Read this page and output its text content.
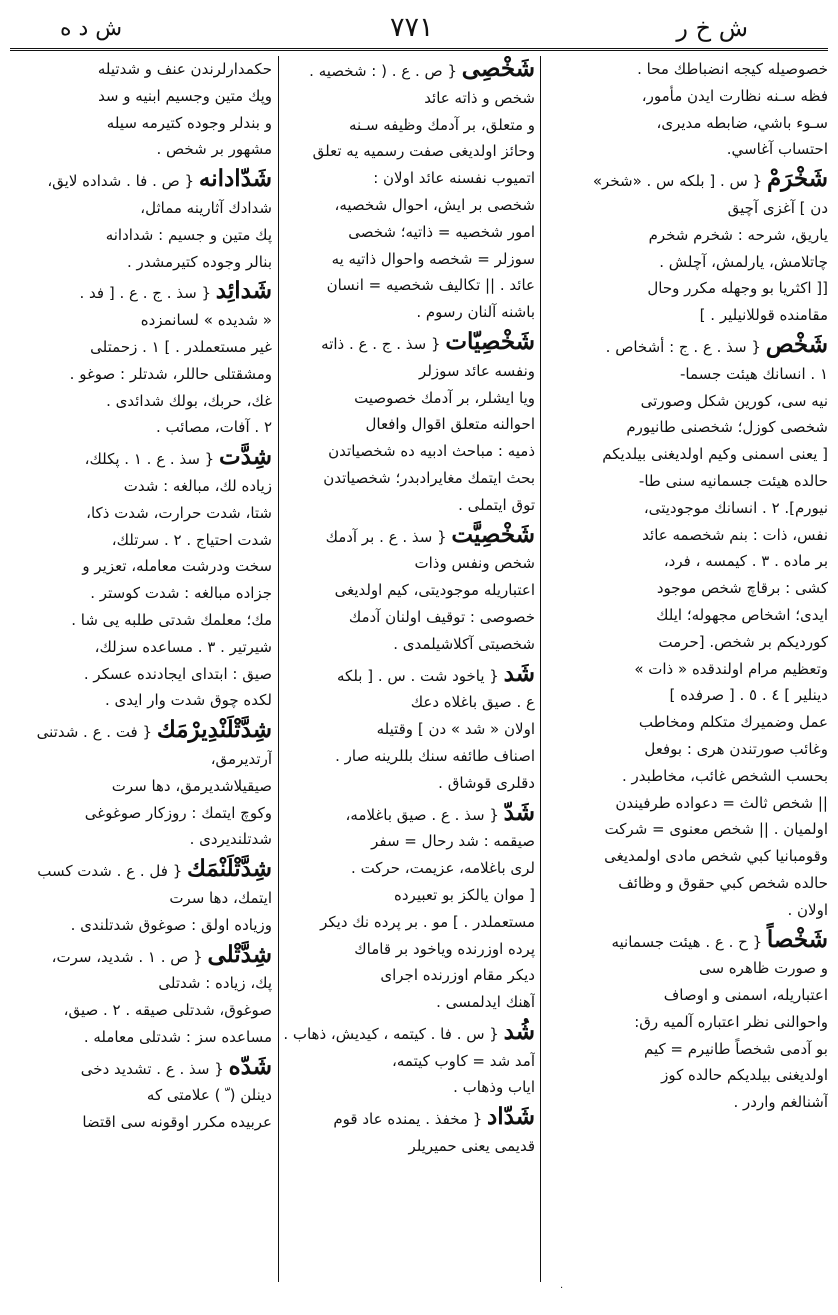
ش د ه	٧٧١	ش خ ر
خصوصيله كيجه انضباطك محا .
فظه سـنه نظارت ايدن مأمور،
سـوء باشي، ضابطه مديرى،
احتساب آغاسي.
شَخْرَمْ { س . [ بلكه س . «شخر»
دن ] آغزى آچيق
ياريق، شرحه : شخرم شخرم
چاتلامش، يارلمش، آچلش .
[[ اكثريا بو وجهله مكرر وحال
مقامنده قوللانيلير . ]
شَخْص { سذ . ع . ج : أشخاص .
١ . انسانك هيئت جسما-
نيه سى، كورين شكل وصورتى
شخصى كوزل؛ شخصنى طانيورم
[ يعنى اسمنى وكيم اولديغنى بيلديكم
حالده هيئت جسمانيه سنى طا-
نيورم]. ٢ . انسانك موجوديتى،
نفس، ذات : بنم شخصمه عائد
بر ماده . ٣ . كيمسه ، فرد،
كشى : برقاچ شخص موجود
ايدى؛ اشخاص مجهوله؛ ايلك
كورديكم بر شخص. [حرمت
وتعظيم مرام اولندقده « ذات »
دينلير ] ٤ . ٥ . [ صرفده ]
عمل وضميرك متكلم ومخاطب
وغائب صورتندن هرى : بوفعل
بحسب الشخص غائب، مخاطبدر .
|| شخص ثالث = دعواده طرفيندن
اولميان . || شخص معنوى = شركت
وقومبانيا كبي شخص مادى اولمديغى
حالده شخص كبي حقوق و وظائف
اولان .
شَخْصاً { ح . ع . هيئت جسمانيه
و صورت ظاهره سى
اعتباريله، اسمنى و اوصاف
واحوالنى نظر اعتباره آلميه رق:
بو آدمى شخصاً طانيرم = كيم
اولديغنى بيلديكم حالده كوز
آشنالغم واردر .
شَخْصِى { ص . ع . ( : شخصيه .
شخص و ذاته عائد
و متعلق، بر آدمك وظيفه سـنه
وحائز اولديغى صفت رسميه يه تعلق
اتميوب نفسنه عائد اولان :
شخصى بر ايش، احوال شخصيه،
امور شخصيه = ذاتيه؛ شخصى
سوزلر = شخصه واحوال ذاتيه يه
عائد . || تكاليف شخصيه = انسان
باشنه آلنان رسوم .
شَخْصِيّات { سذ . ج . ع . ذاته
ونفسه عائد سوزلر
ويا ايشلر، بر آدمك خصوصيت
احوالنه متعلق اقوال وافعال
ذميه : مباحث ادبيه ده شخصياتدن
بحث ايتمك مغايرادبدر؛ شخصياتدن
توق ايتملى .
شَخْصِيَّت { سذ . ع . بر آدمك
شخص ونفس وذات
اعتباريله موجوديتى، كيم اولديغى
خصوصى : توقيف اولنان آدمك
شخصيتى آكلاشيلمدى .
شَد { ياخود شت . س . [ بلكه
ع . صيق باغلاه دعك
اولان « شد » دن ] وقتيله
اصناف طائفه سنك بللرينه صار .
دقلرى قوشاق .
شَدّ { سذ . ع . صيق باغلامه،
صيقمه : شد رحال = سفر
لرى باغلامه، عزيمت، حركت .
[ موان يالكز بو تعبيرده
مستعملدر . ] مو . بر پرده نك ديكر
پرده اوزرنده وياخود بر قاماك
ديكر مقام اوزرنده اجراى
آهنك ايدلمسى .
شُد { س . فا . كيتمه ، كيديش، ذهاب .
آمد شد = كاوب كيتمه،
اياب وذهاب .
شَدّاد { مخفذ . يمنده عاد قوم
قديمى يعنى حميريلر
حكمدارلرندن عنف و شدتيله
وپك متين وجسيم ابنيه و سد
و بندلر وجوده كتيرمه سيله
مشهور بر شخص .
شَدّادانه { ص . فا . شداده لايق،
شدادك آثارينه مماثل،
پك متين و جسيم : شدادانه
بنالر وجوده كتيرمشدر .
شَدائِد { سذ . ج . ع . [ فد .
« شديده » لسانمزده
غير مستعملدر . ] ١ . زحمتلى
ومشقتلى حاللر، شدتلر : صوغو .
غك، حربك، بولك شدائدى .
٢ . آفات، مصائب .
شِدَّت { سذ . ع . ١ . پكلك،
زياده لك، مبالغه : شدت
شتا، شدت حرارت، شدت ذكا،
شدت احتياج . ٢ . سرتلك،
سخت ودرشت معامله، تعزير و
جزاده مبالغه : شدت كوستر .
مك؛ معلمك شدتى طلبه يى شا .
شيرتير . ٣ . مساعده سزلك،
صيق : ابتداى ايجادنده عسكر .
لكده چوق شدت وار ايدى .
شِدَّتْلَنْدِيرْمَك { فت . ع . شدتنى
آرتديرمق،
صيقيلاشديرمق، دها سرت
وكوچ ايتمك : روزكار صوغوغى
شدتلنديردى .
شِدَّتْلَنْمَك { فل . ع . شدت كسب
ايتمك، دها سرت
وزياده اولق : صوغوق شدتلندى .
شِدَّتْلى { ص . ١ . شديد، سرت،
پك، زياده : شدتلى
صوغوق، شدتلى صيقه . ٢ . صيق،
مساعده سز : شدتلى معامله .
شَدّه { سذ . ع . تشديد دخى
دينلن ( ّ ) علامتى كه
عربيده مكرر اوقونه سى اقتضا
·
